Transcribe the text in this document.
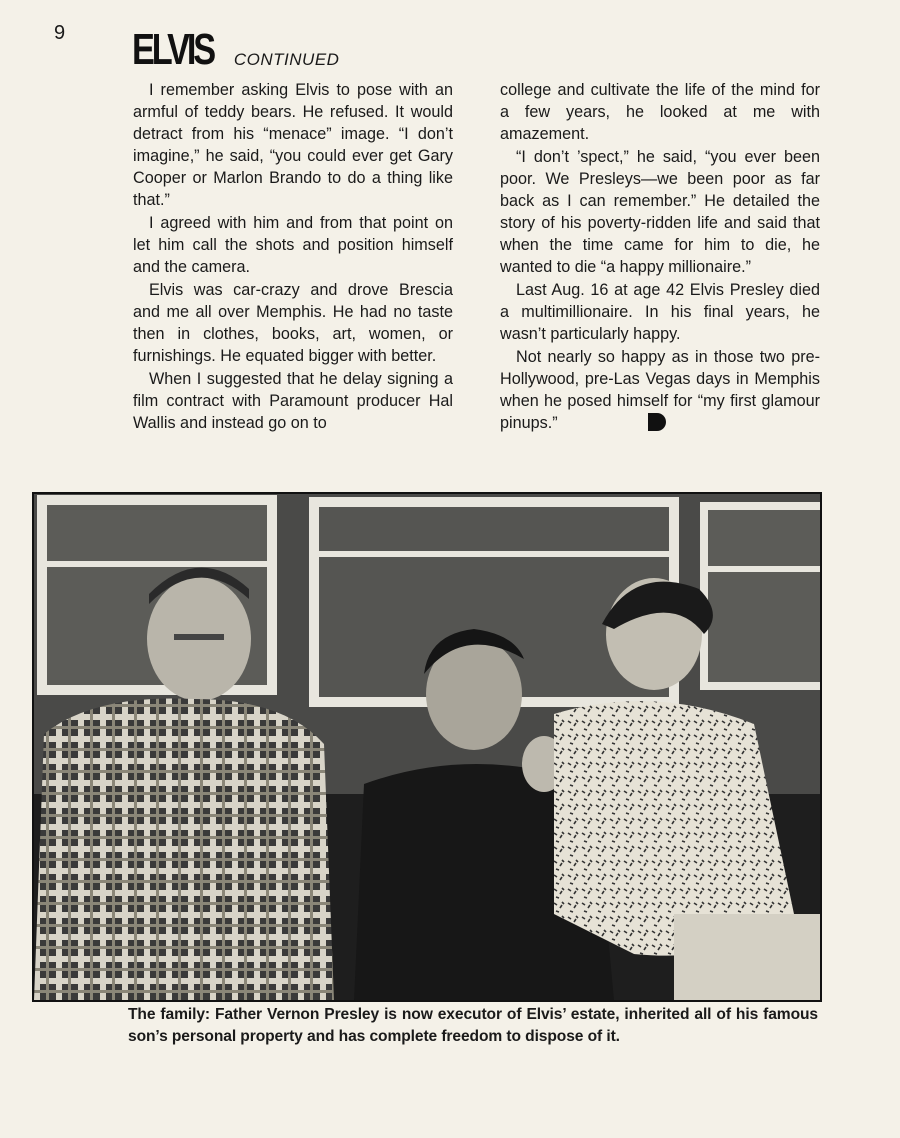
9 ELVIS CONTINUED

I remember asking Elvis to pose with an armful of teddy bears. He refused. It would detract from his “menace” image. “I don’t imagine,” he said, “you could ever get Gary Cooper or Marlon Brando to do a thing like that.”

I agreed with him and from that point on let him call the shots and position himself and the camera.

Elvis was car-crazy and drove Brescia and me all over Memphis. He had no taste then in clothes, books, art, women, or furnishings. He equated bigger with better.

When I suggested that he delay signing a film contract with Paramount producer Hal Wallis and instead go on to

college and cultivate the life of the mind for a few years, he looked at me with amazement.

“I don’t ’spect,” he said, “you ever been poor. We Presleys—we been poor as far back as I can remember.” He detailed the story of his poverty-ridden life and said that when the time came for him to die, he wanted to die “a happy millionaire.”

Last Aug. 16 at age 42 Elvis Presley died a multimillionaire. In his final years, he wasn’t particularly happy.

Not nearly so happy as in those two pre-Hollywood, pre-Las Vegas days in Memphis when he posed himself for “my first glamour pinups.”

The family: Father Vernon Presley is now executor of Elvis’ estate, inherited all of his famous son’s personal property and has complete freedom to dispose of it.
